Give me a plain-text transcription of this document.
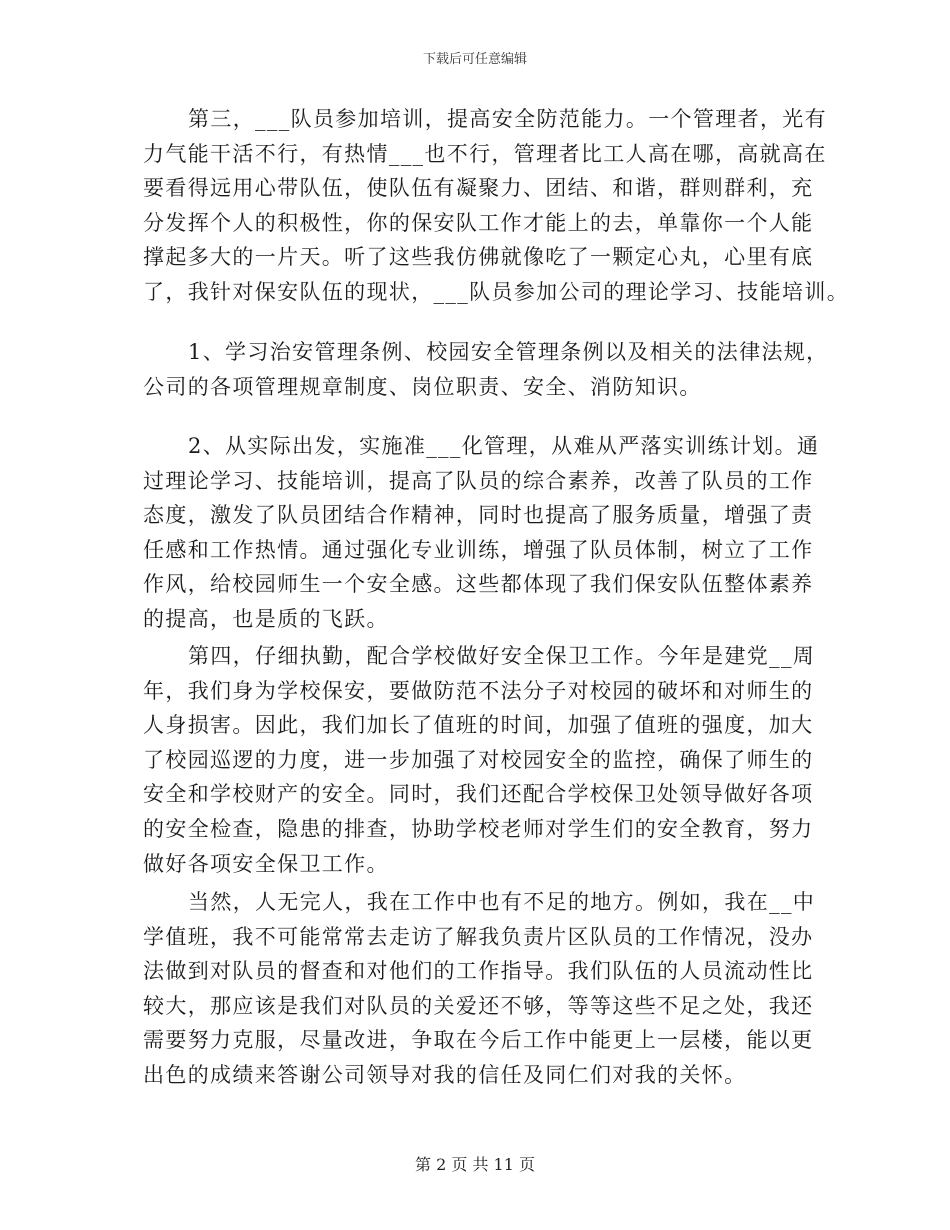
下载后可任意编辑
第三，___队员参加培训，提高安全防范能力。一个管理者，光有
力气能干活不行，有热情___也不行，管理者比工人高在哪，高就高在
要看得远用心带队伍，使队伍有凝聚力、团结、和谐，群则群利，充
分发挥个人的积极性，你的保安队工作才能上的去，单靠你一个人能
撑起多大的一片天。听了这些我仿佛就像吃了一颗定心丸，心里有底
了，我针对保安队伍的现状，___队员参加公司的理论学习、技能培训。
1、学习治安管理条例、校园安全管理条例以及相关的法律法规，
公司的各项管理规章制度、岗位职责、安全、消防知识。
2、从实际出发，实施准___化管理，从难从严落实训练计划。通
过理论学习、技能培训，提高了队员的综合素养，改善了队员的工作
态度，激发了队员团结合作精神，同时也提高了服务质量，增强了责
任感和工作热情。通过强化专业训练，增强了队员体制，树立了工作
作风，给校园师生一个安全感。这些都体现了我们保安队伍整体素养
的提高，也是质的飞跃。
第四，仔细执勤，配合学校做好安全保卫工作。今年是建党__周
年，我们身为学校保安，要做防范不法分子对校园的破坏和对师生的
人身损害。因此，我们加长了值班的时间，加强了值班的强度，加大
了校园巡逻的力度，进一步加强了对校园安全的监控，确保了师生的
安全和学校财产的安全。同时，我们还配合学校保卫处领导做好各项
的安全检查，隐患的排查，协助学校老师对学生们的安全教育，努力
做好各项安全保卫工作。
当然，人无完人，我在工作中也有不足的地方。例如，我在__中
学值班，我不可能常常去走访了解我负责片区队员的工作情况，没办
法做到对队员的督查和对他们的工作指导。我们队伍的人员流动性比
较大，那应该是我们对队员的关爱还不够，等等这些不足之处，我还
需要努力克服，尽量改进，争取在今后工作中能更上一层楼，能以更
出色的成绩来答谢公司领导对我的信任及同仁们对我的关怀。
第 2 页 共 11 页
